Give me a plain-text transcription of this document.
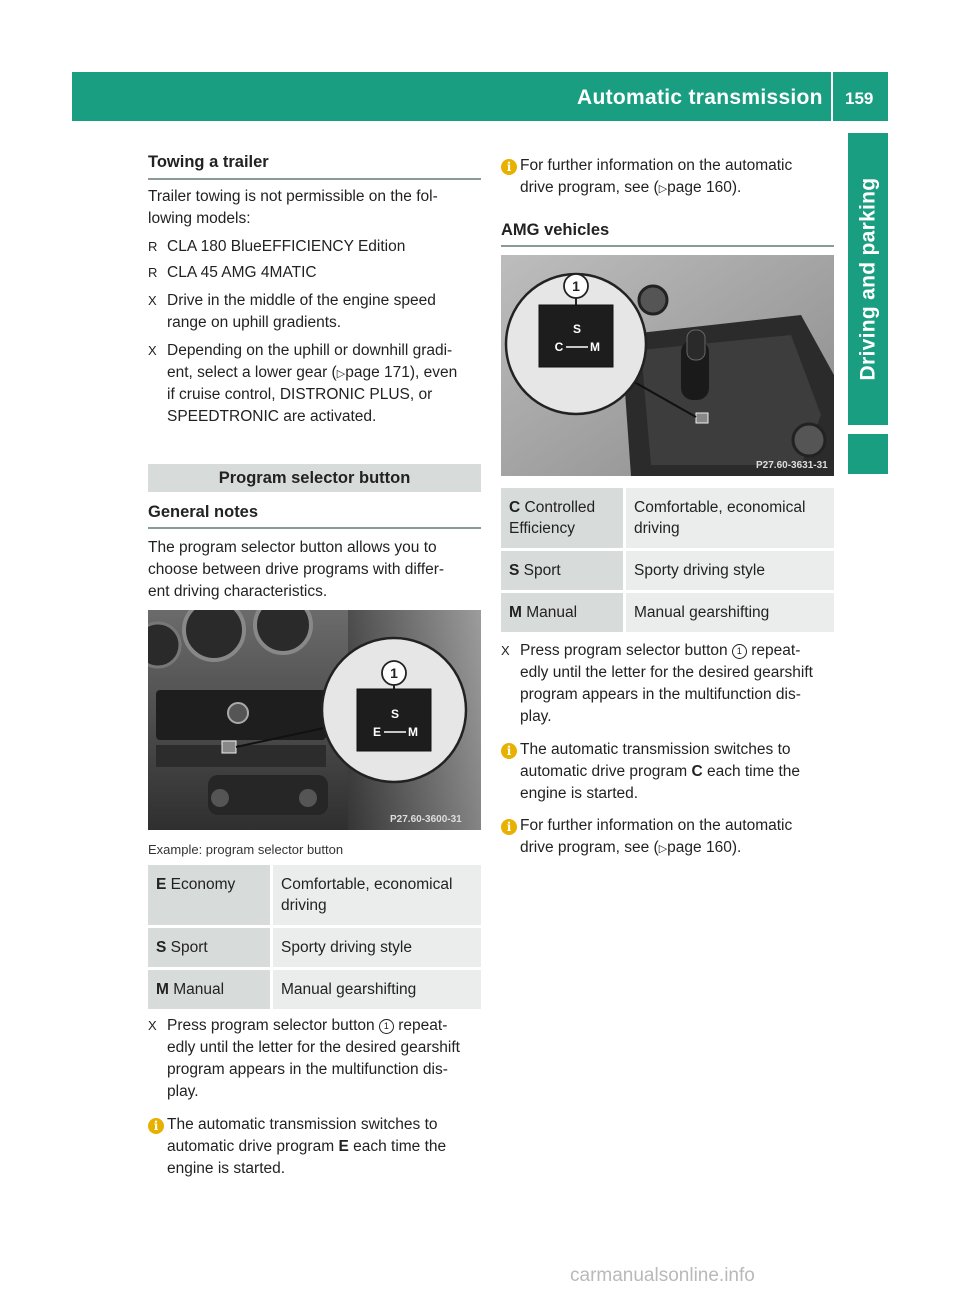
Automatic transmission 159
Driving and parking
Towing a trailer
Trailer towing is not permissible on the fol-
lowing models:
R CLA 180 BlueEFFICIENCY Edition
R CLA 45 AMG 4MATIC
X Drive in the middle of the engine speed
range on uphill gradients.
X Depending on the uphill or downhill gradi-
ent, select a lower gear (▷page 171), even
if cruise control, DISTRONIC PLUS, or
SPEEDTRONIC are activated.
Program selector button
General notes
The program selector button allows you to
choose between drive programs with differ-
ent driving characteristics.
1
S
E M
P27.60-3600-31
Example: program selector button
E Economy	Comfortable, economical
driving
S Sport	Sporty driving style
M Manual	Manual gearshifting
X Press program selector button 1 repeat-
edly until the letter for the desired gearshift
program appears in the multifunction dis-
play.
i The automatic transmission switches to
automatic drive program E each time the
engine is started.
i For further information on the automatic
drive program, see (▷page 160).
AMG vehicles
1
S
C M
P27.60-3631-31
C Controlled
Efficiency	Comfortable, economical
driving
S Sport	Sporty driving style
M Manual	Manual gearshifting
X Press program selector button 1 repeat-
edly until the letter for the desired gearshift
program appears in the multifunction dis-
play.
i The automatic transmission switches to
automatic drive program C each time the
engine is started.
i For further information on the automatic
drive program, see (▷page 160).
carmanualsonline.info
